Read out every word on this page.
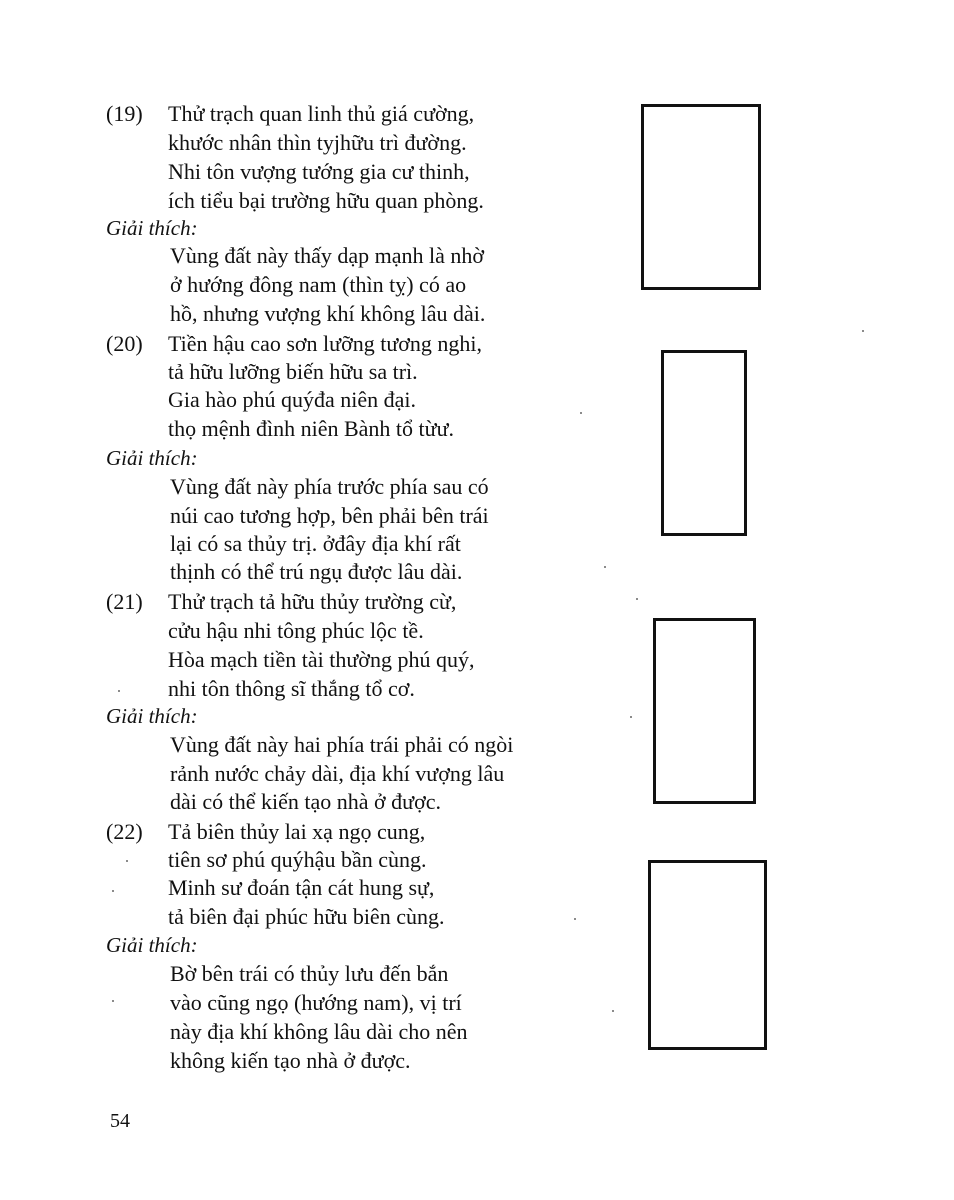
(19) Thử trạch quan linh thủ giá cường,
khước nhân thìn tyjhữu trì đường.
Nhi tôn vượng tướng gia cư thinh,
ích tiểu bại trường hữu quan phòng.
Giải thích:
Vùng đất này thấy dạp mạnh là nhờ
ở hướng đông nam (thìn tỵ) có ao
hồ, nhưng vượng khí không lâu dài.
(20) Tiền hậu cao sơn lưỡng tương nghi,
tả hữu lưỡng biến hữu sa trì.
Gia hào phú quýđa niên đại.
thọ mệnh đình niên Bành tổ từư.
Giải thích:
Vùng đất này phía trước phía sau có
núi cao tương hợp, bên phải bên trái
lại có sa thủy trị. ởđây địa khí rất
thịnh có thể trú ngụ được lâu dài.
(21) Thử trạch tả hữu thủy trường cừ,
cửu hậu nhi tông phúc lộc tề.
Hòa mạch tiền tài thường phú quý,
nhi tôn thông sĩ thắng tổ cơ.
Giải thích:
Vùng đất này hai phía trái phải có ngòi
rảnh nước chảy dài, địa khí vượng lâu
dài có thể kiến tạo nhà ở được.
(22) Tả biên thủy lai xạ ngọ cung,
tiên sơ phú quýhậu bần cùng.
Minh sư đoán tận cát hung sự,
tả biên đại phúc hữu biên cùng.
Giải thích:
Bờ bên trái có thủy lưu đến bắn
vào cũng ngọ (hướng nam), vị trí
này địa khí không lâu dài cho nên
không kiến tạo nhà ở được.
54
